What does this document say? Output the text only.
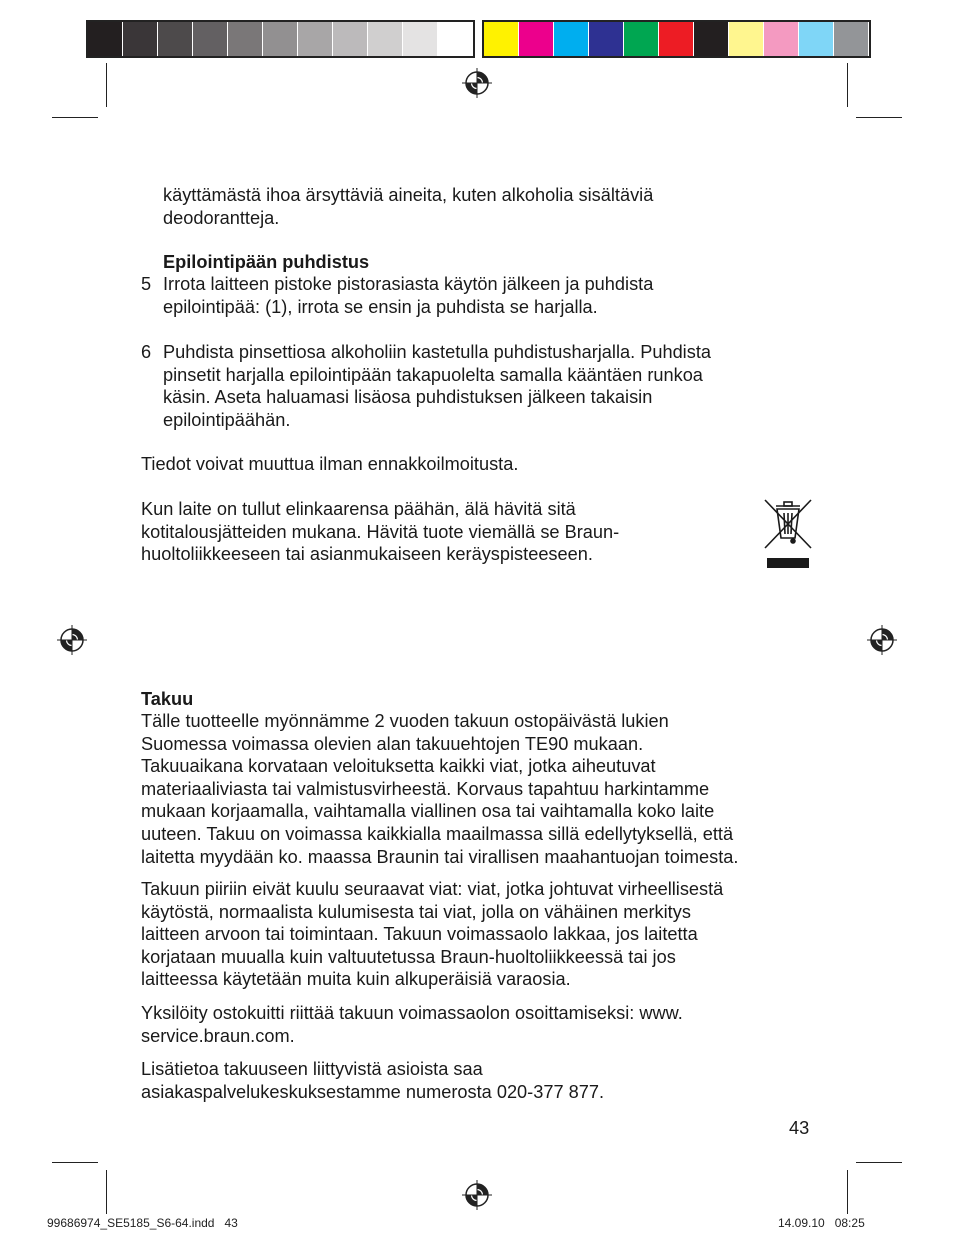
käyttämästä ihoa ärsyttäviä aineita, kuten alkoholia sisältäviä

deodorantteja.

Epilointipään puhdistus
5 Irrota laitteen pistoke pistorasiasta käytön jälkeen ja puhdista

epilointipää: (1), irrota se ensin ja puhdista se harjalla.

6 Puhdista pinsettiosa alkoholiin kastetulla puhdistusharjalla. Puhdista

pinsetit harjalla epilointipään takapuolelta samalla kääntäen runkoa

käsin. Aseta haluamasi lisäosa puhdistuksen jälkeen takaisin

epilointipäähän.

Tiedot voivat muuttua ilman ennakkoilmoitusta.

Kun laite on tullut elinkaarensa päähän, älä hävitä sitä

kotitalousjätteiden mukana. Hävitä tuote viemällä se Braun-

huoltoliikkeeseen tai asianmukaiseen keräyspisteeseen.

Takuu

Tälle tuotteelle myönnämme 2 vuoden takuun ostopäivästä lukien

Suomessa voimassa olevien alan takuuehtojen TE90 mukaan.

Takuuaikana korvataan veloituksetta kaikki viat, jotka aiheutuvat

materiaaliviasta tai valmistusvirheestä. Korvaus tapahtuu harkintamme

mukaan korjaamalla, vaihtamalla viallinen osa tai vaihtamalla koko laite

uuteen. Takuu on voimassa kaikkialla maailmassa sillä edellytyksellä, että

laitetta myydään ko. maassa Braunin tai virallisen maahantuojan toimesta.

Takuun piiriin eivät kuulu seuraavat viat: viat, jotka johtuvat virheellisestä

käytöstä, normaalista kulumisesta tai viat, jolla on vähäinen merkitys

laitteen arvoon tai toimintaan. Takuun voimassaolo lakkaa, jos laitetta

korjataan muualla kuin valtuutetussa Braun-huoltoliikkeessä tai jos

laitteessa käytetään muita kuin alkuperäisiä varaosia.

Yksilöity ostokuitti riittää takuun voimassaolon osoittamiseksi: www.

service.braun.com.

Lisätietoa takuuseen liittyvistä asioista saa

asiakaspalvelukeskuksestamme numerosta 020-377 877.

43
99686974_SE5185_S6-64.indd   43	14.09.10   08:25
